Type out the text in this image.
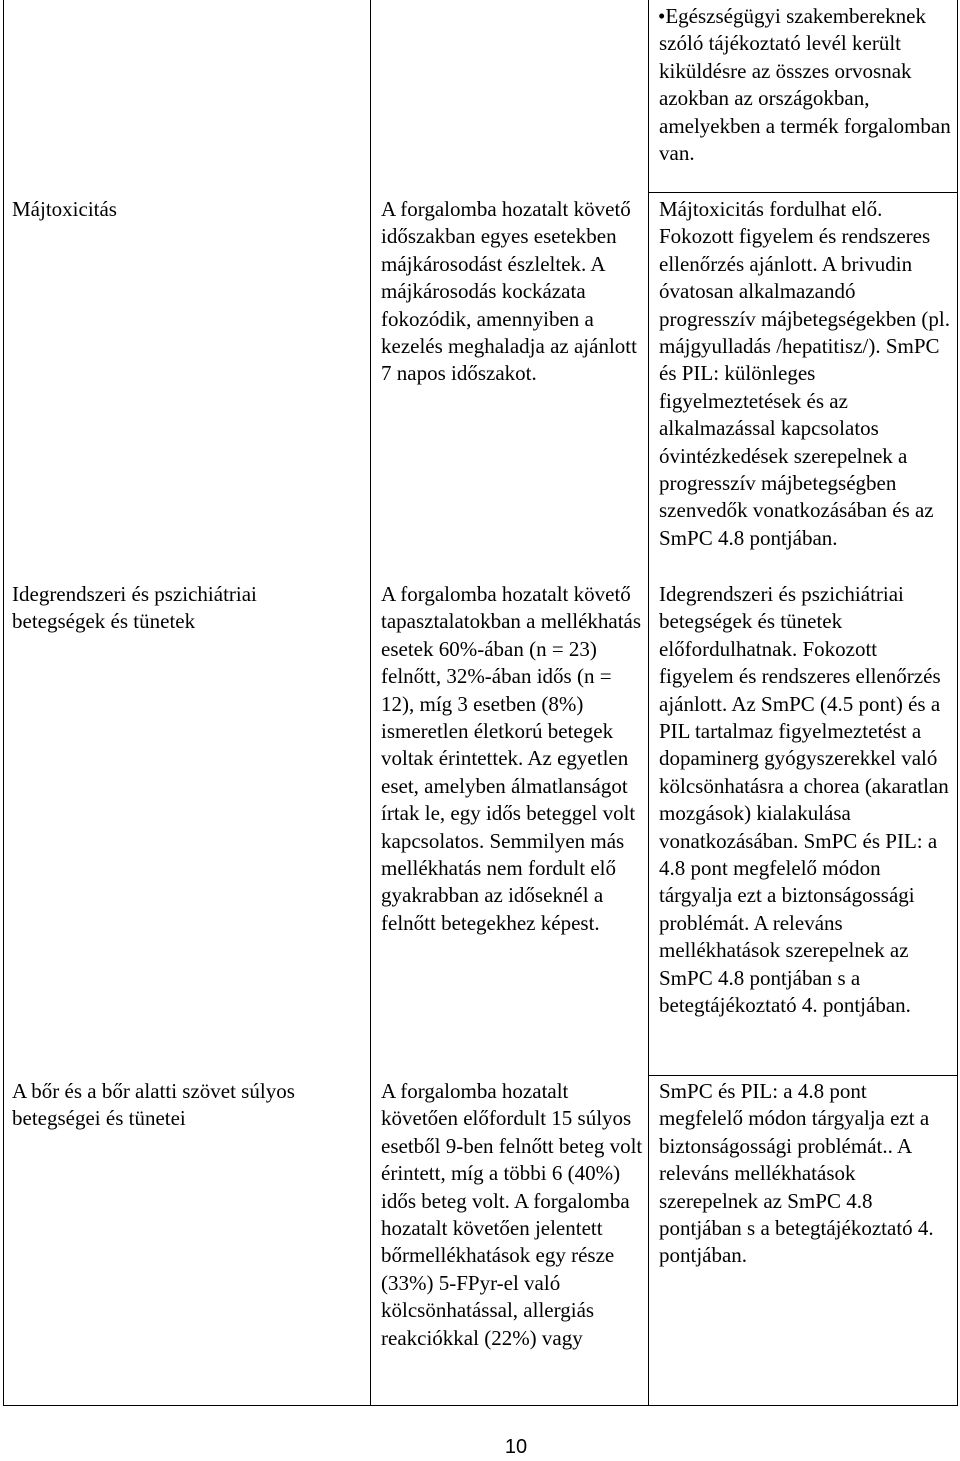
•Egészségügyi szakembereknek szóló tájékoztató levél került kiküldésre az összes orvosnak azokban az országokban, amelyekben a termék forgalomban van.
Májtoxicitás	A forgalomba hozatalt követő időszakban egyes esetekben májkárosodást észleltek. A májkárosodás kockázata fokozódik, amennyiben a kezelés meghaladja az ajánlott 7 napos időszakot.
Májtoxicitás fordulhat elő. Fokozott figyelem és rendszeres ellenőrzés ajánlott. A brivudin óvatosan alkalmazandó progresszív májbetegségekben (pl. májgyulladás /hepatitisz/). SmPC és PIL: különleges figyelmeztetések és az alkalmazással kapcsolatos óvintézkedések szerepelnek a progresszív májbetegségben szenvedők vonatkozásában és az SmPC 4.8 pontjában.
Idegrendszeri és pszichiátriai betegségek és tünetek
A forgalomba hozatalt követő tapasztalatokban a mellékhatás esetek 60%-ában (n = 23) felnőtt, 32%-ában idős (n = 12), míg 3 esetben (8%) ismeretlen életkorú betegek voltak érintettek. Az egyetlen eset, amelyben álmatlanságot írtak le, egy idős beteggel volt kapcsolatos. Semmilyen más mellékhatás nem fordult elő gyakrabban az időseknél a felnőtt betegekhez képest.
Idegrendszeri és pszichiátriai betegségek és tünetek előfordulhatnak. Fokozott figyelem és rendszeres ellenőrzés ajánlott. Az SmPC (4.5 pont) és a PIL tartalmaz figyelmeztetést a dopaminerg gyógyszerekkel való kölcsönhatásra a chorea (akaratlan mozgások) kialakulása vonatkozásában. SmPC és PIL: a 4.8 pont megfelelő módon tárgyalja ezt a biztonságossági problémát. A releváns mellékhatások szerepelnek az SmPC 4.8 pontjában s a betegtájékoztató 4. pontjában.
A bőr és a bőr alatti szövet súlyos betegségei és tünetei
A forgalomba hozatalt követően előfordult 15 súlyos esetből 9-ben felnőtt beteg volt érintett, míg a többi 6 (40%) idős beteg volt. A forgalomba hozatalt követően jelentett bőrmellékhatások egy része (33%) 5-FPyr-el való kölcsönhatással, allergiás reakciókkal (22%) vagy
SmPC és PIL: a 4.8 pont megfelelő módon tárgyalja ezt a biztonságossági problémát.. A releváns mellékhatások szerepelnek az SmPC 4.8 pontjában s a betegtájékoztató 4. pontjában.
10
